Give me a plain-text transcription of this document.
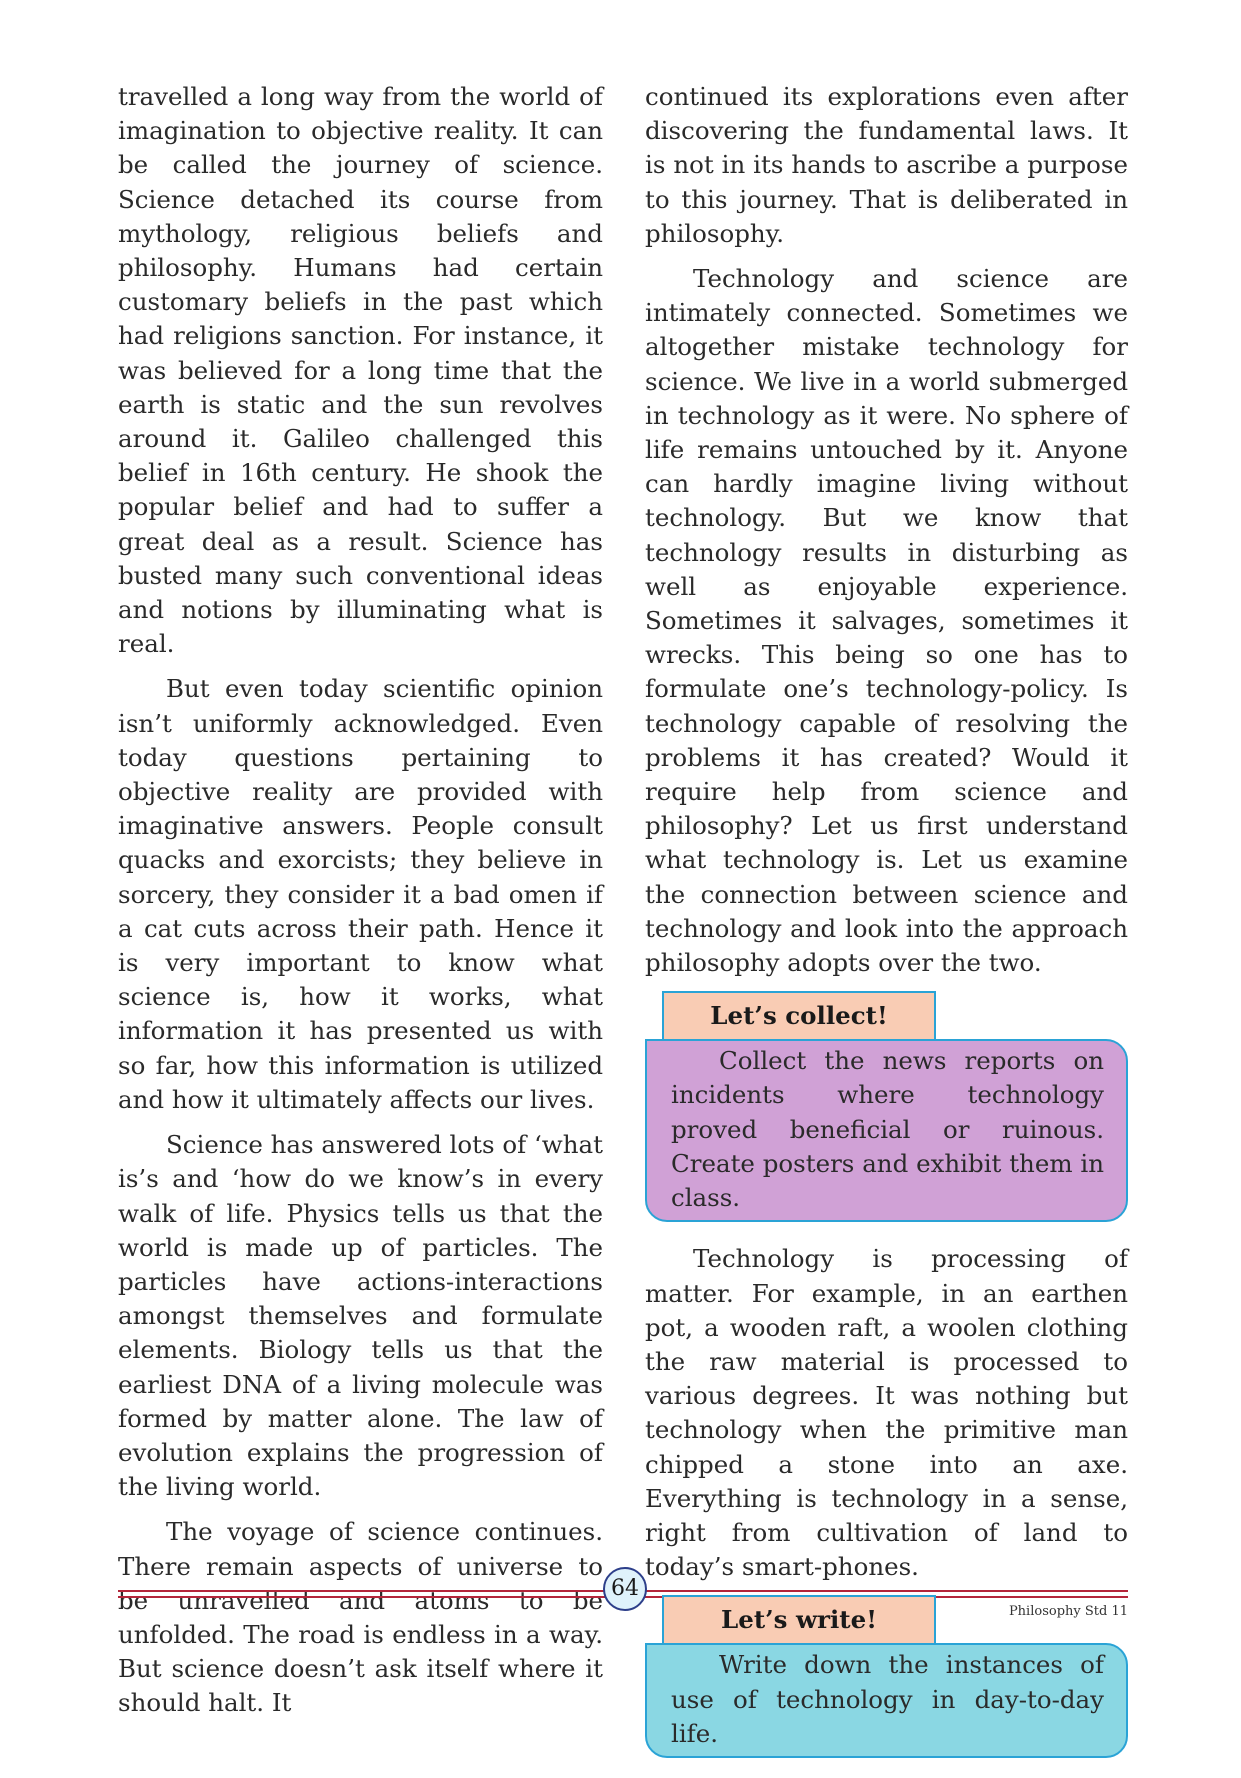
travelled a long way from the world of imagination to objective reality. It can be called the journey of science. Science detached its course from mythology, religious beliefs and philosophy. Humans had certain customary beliefs in the past which had religions sanction. For instance, it was believed for a long time that the earth is static and the sun revolves around it. Galileo challenged this belief in 16th century. He shook the popular belief and had to suffer a great deal as a result. Science has busted many such conventional ideas and notions by illuminating what is real.

But even today scientific opinion isn’t uniformly acknowledged. Even today questions pertaining to objective reality are provided with imaginative answers. People consult quacks and exorcists; they believe in sorcery, they consider it a bad omen if a cat cuts across their path. Hence it is very important to know what science is, how it works, what information it has presented us with so far, how this information is utilized and how it ultimately affects our lives.

Science has answered lots of ‘what is’s and ‘how do we know’s in every walk of life. Physics tells us that the world is made up of particles. The particles have actions-interactions amongst themselves and formulate elements. Biology tells us that the earliest DNA of a living molecule was formed by matter alone. The law of evolution explains the progression of the living world.

The voyage of science continues. There remain aspects of universe to be unravelled and atoms to be unfolded. The road is endless in a way. But science doesn’t ask itself where it should halt. It

continued its explorations even after discovering the fundamental laws. It is not in its hands to ascribe a purpose to this journey. That is deliberated in philosophy.

Technology and science are intimately connected. Sometimes we altogether mistake technology for science. We live in a world submerged in technology as it were. No sphere of life remains untouched by it. Anyone can hardly imagine living without technology. But we know that technology results in disturbing as well as enjoyable experience. Sometimes it salvages, sometimes it wrecks. This being so one has to formulate one’s technology-policy. Is technology capable of resolving the problems it has created? Would it require help from science and philosophy? Let us first understand what technology is. Let us examine the connection between science and technology and look into the approach philosophy adopts over the two.

Let’s collect!

Collect the news reports on incidents where technology proved beneficial or ruinous. Create posters and exhibit them in class.

Technology is processing of matter. For example, in an earthen pot, a wooden raft, a woolen clothing the raw material is processed to various degrees. It was nothing but technology when the primitive man chipped a stone into an axe. Everything is technology in a sense, right from cultivation of land to today’s smart-phones.

Let’s write!

Write down the instances of use of technology in day-to-day life.

64
Philosophy Std 11
